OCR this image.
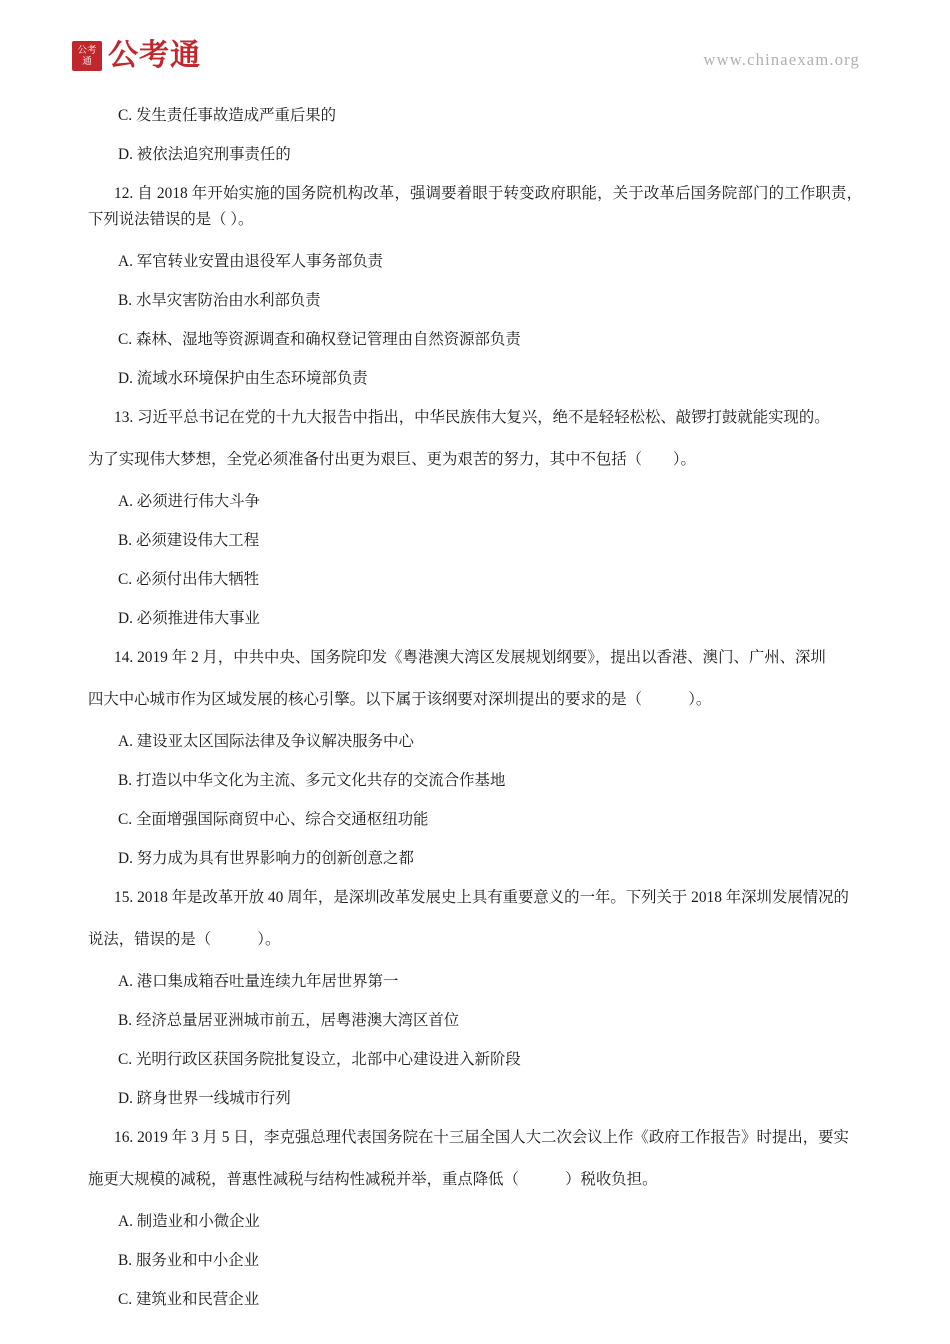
公考通 公考通	www.chinaexam.org

C. 发生责任事故造成严重后果的

D. 被依法追究刑事责任的

12. 自 2018 年开始实施的国务院机构改革，强调要着眼于转变政府职能，关于改革后国务院部门的工作职责，下列说法错误的是（ ）。

A. 军官转业安置由退役军人事务部负责

B. 水旱灾害防治由水利部负责

C. 森林、湿地等资源调查和确权登记管理由自然资源部负责

D. 流域水环境保护由生态环境部负责

13. 习近平总书记在党的十九大报告中指出，中华民族伟大复兴，绝不是轻轻松松、敲锣打鼓就能实现的。

为了实现伟大梦想，全党必须准备付出更为艰巨、更为艰苦的努力，其中不包括（　　）。

A. 必须进行伟大斗争

B. 必须建设伟大工程

C. 必须付出伟大牺牲

D. 必须推进伟大事业

14. 2019 年 2 月，中共中央、国务院印发《粤港澳大湾区发展规划纲要》，提出以香港、澳门、广州、深圳

四大中心城市作为区域发展的核心引擎。以下属于该纲要对深圳提出的要求的是（　　　）。

A. 建设亚太区国际法律及争议解决服务中心

B. 打造以中华文化为主流、多元文化共存的交流合作基地

C. 全面增强国际商贸中心、综合交通枢纽功能

D. 努力成为具有世界影响力的创新创意之都

15. 2018 年是改革开放 40 周年，是深圳改革发展史上具有重要意义的一年。下列关于 2018 年深圳发展情况的

说法，错误的是（　　　）。

A. 港口集成箱吞吐量连续九年居世界第一

B. 经济总量居亚洲城市前五，居粤港澳大湾区首位

C. 光明行政区获国务院批复设立，北部中心建设进入新阶段

D. 跻身世界一线城市行列

16. 2019 年 3 月 5 日，李克强总理代表国务院在十三届全国人大二次会议上作《政府工作报告》时提出，要实

施更大规模的减税，普惠性减税与结构性减税并举，重点降低（　　　）税收负担。

A. 制造业和小微企业

B. 服务业和中小企业

C. 建筑业和民营企业
